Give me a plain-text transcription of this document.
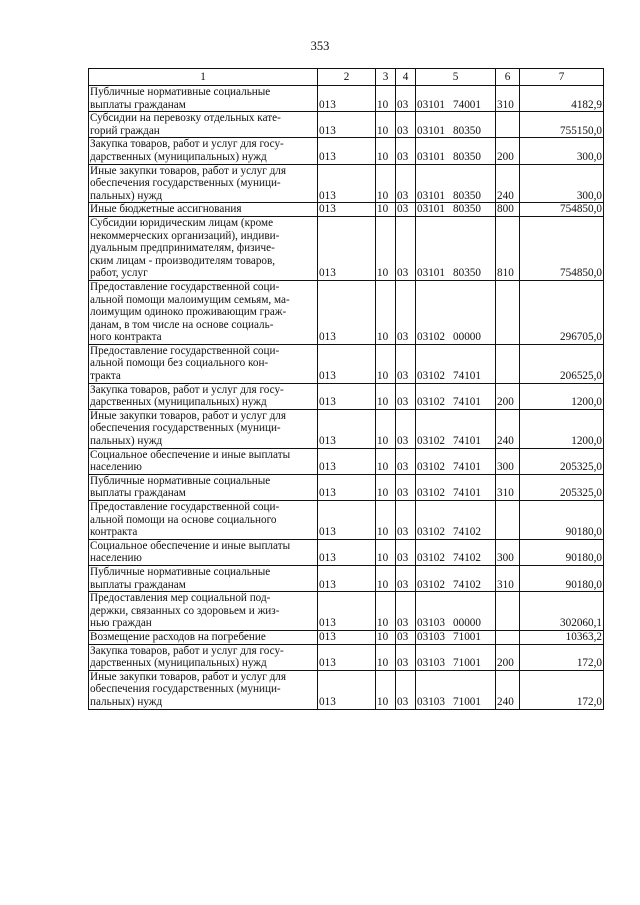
353
1	2	3	4	5	6	7

Публичные нормативные социальные
выплаты гражданам	013	10	03	03101 74001	310	4182,9

Субсидии на перевозку отдельных кате-
горий граждан	013	10	03	03101 80350		755150,0

Закупка товаров, работ и услуг для госу-
дарственных (муниципальных) нужд	013	10	03	03101 80350	200	300,0

Иные закупки товаров, работ и услуг для
обеспечения государственных (муници-
пальных) нужд	013	10	03	03101 80350	240	300,0

Иные бюджетные ассигнования	013	10	03	03101 80350	800	754850,0

Субсидии юридическим лицам (кроме
некоммерческих организаций), индиви-
дуальным предпринимателям, физиче-
ским лицам - производителям товаров,
работ, услуг	013	10	03	03101 80350	810	754850,0

Предоставление государственной соци-
альной помощи малоимущим семьям, ма-
лоимущим одиноко проживающим граж-
данам, в том числе на основе социаль-
ного контракта	013	10	03	03102 00000		296705,0

Предоставление государственной соци-
альной помощи без социального кон-
тракта	013	10	03	03102 74101		206525,0

Закупка товаров, работ и услуг для госу-
дарственных (муниципальных) нужд	013	10	03	03102 74101	200	1200,0

Иные закупки товаров, работ и услуг для
обеспечения государственных (муници-
пальных) нужд	013	10	03	03102 74101	240	1200,0

Социальное обеспечение и иные выплаты
населению	013	10	03	03102 74101	300	205325,0

Публичные нормативные социальные
выплаты гражданам	013	10	03	03102 74101	310	205325,0

Предоставление государственной соци-
альной помощи на основе социального
контракта	013	10	03	03102 74102		90180,0

Социальное обеспечение и иные выплаты
населению	013	10	03	03102 74102	300	90180,0

Публичные нормативные социальные
выплаты гражданам	013	10	03	03102 74102	310	90180,0

Предоставления мер социальной под-
держки, связанных со здоровьем и жиз-
нью граждан	013	10	03	03103 00000		302060,1

Возмещение расходов на погребение	013	10	03	03103 71001		10363,2

Закупка товаров, работ и услуг для госу-
дарственных (муниципальных) нужд	013	10	03	03103 71001	200	172,0

Иные закупки товаров, работ и услуг для
обеспечения государственных (муници-
пальных) нужд	013	10	03	03103 71001	240	172,0
